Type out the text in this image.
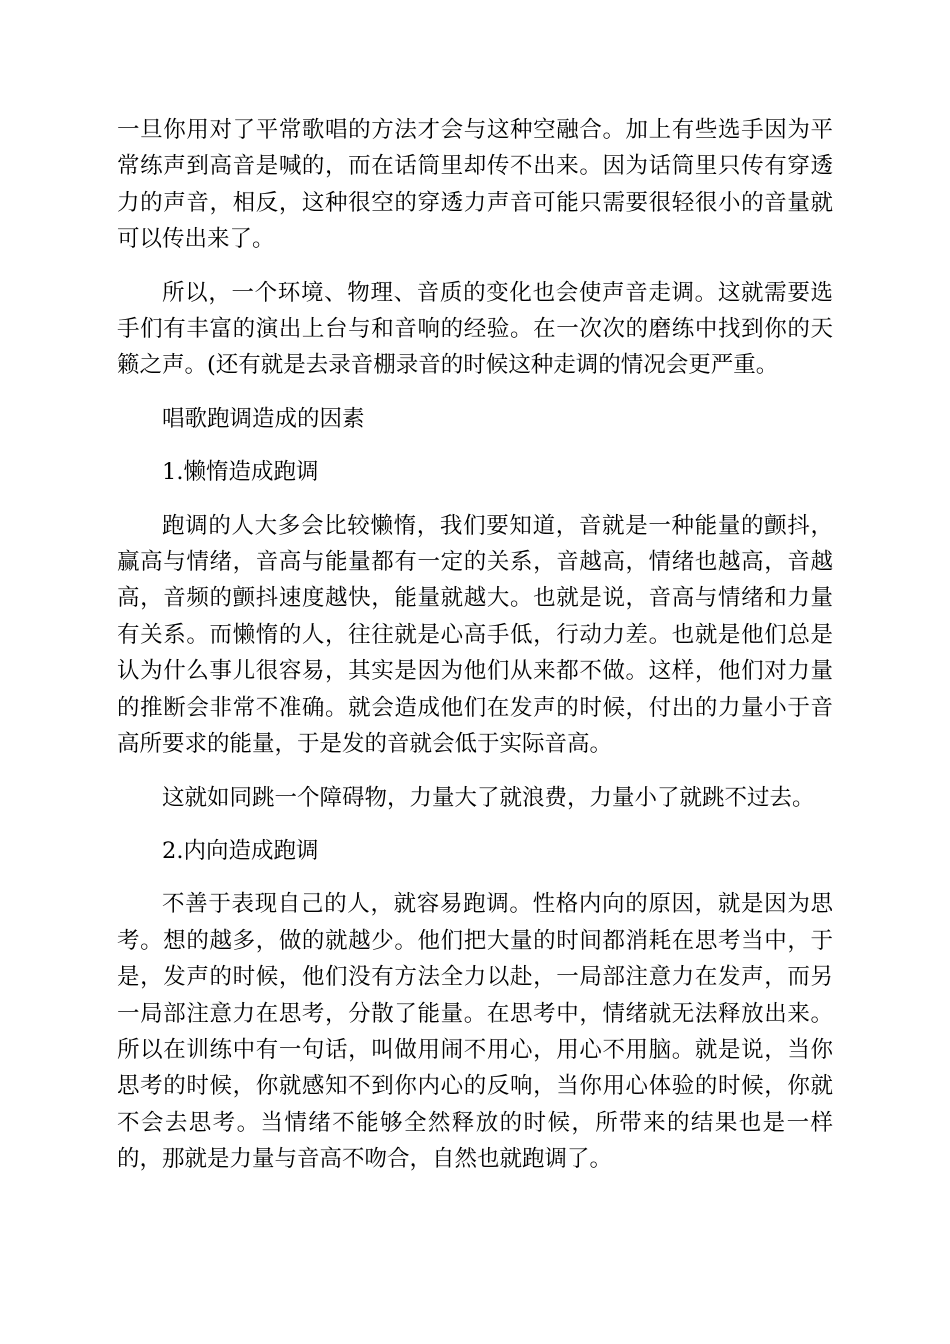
一旦你用对了平常歌唱的方法才会与这种空融合。加上有些选手因为平常练声到高音是喊的，而在话筒里却传不出来。因为话筒里只传有穿透力的声音，相反，这种很空的穿透力声音可能只需要很轻很小的音量就可以传出来了。

所以，一个环境、物理、音质的变化也会使声音走调。这就需要选手们有丰富的演出上台与和音响的经验。在一次次的磨练中找到你的天籁之声。(还有就是去录音棚录音的时候这种走调的情况会更严重。

唱歌跑调造成的因素

1.懒惰造成跑调

跑调的人大多会比较懒惰，我们要知道，音就是一种能量的颤抖，赢高与情绪，音高与能量都有一定的关系，音越高，情绪也越高，音越高，音频的颤抖速度越快，能量就越大。也就是说，音高与情绪和力量有关系。而懒惰的人，往往就是心高手低，行动力差。也就是他们总是认为什么事儿很容易，其实是因为他们从来都不做。这样，他们对力量的推断会非常不准确。就会造成他们在发声的时候，付出的力量小于音高所要求的能量，于是发的音就会低于实际音高。

这就如同跳一个障碍物，力量大了就浪费，力量小了就跳不过去。

2.内向造成跑调

不善于表现自己的人，就容易跑调。性格内向的原因，就是因为思考。想的越多，做的就越少。他们把大量的时间都消耗在思考当中，于是，发声的时候，他们没有方法全力以赴，一局部注意力在发声，而另一局部注意力在思考，分散了能量。在思考中，情绪就无法释放出来。所以在训练中有一句话，叫做用闹不用心，用心不用脑。就是说，当你思考的时候，你就感知不到你内心的反响，当你用心体验的时候，你就不会去思考。当情绪不能够全然释放的时候，所带来的结果也是一样的，那就是力量与音高不吻合，自然也就跑调了。
